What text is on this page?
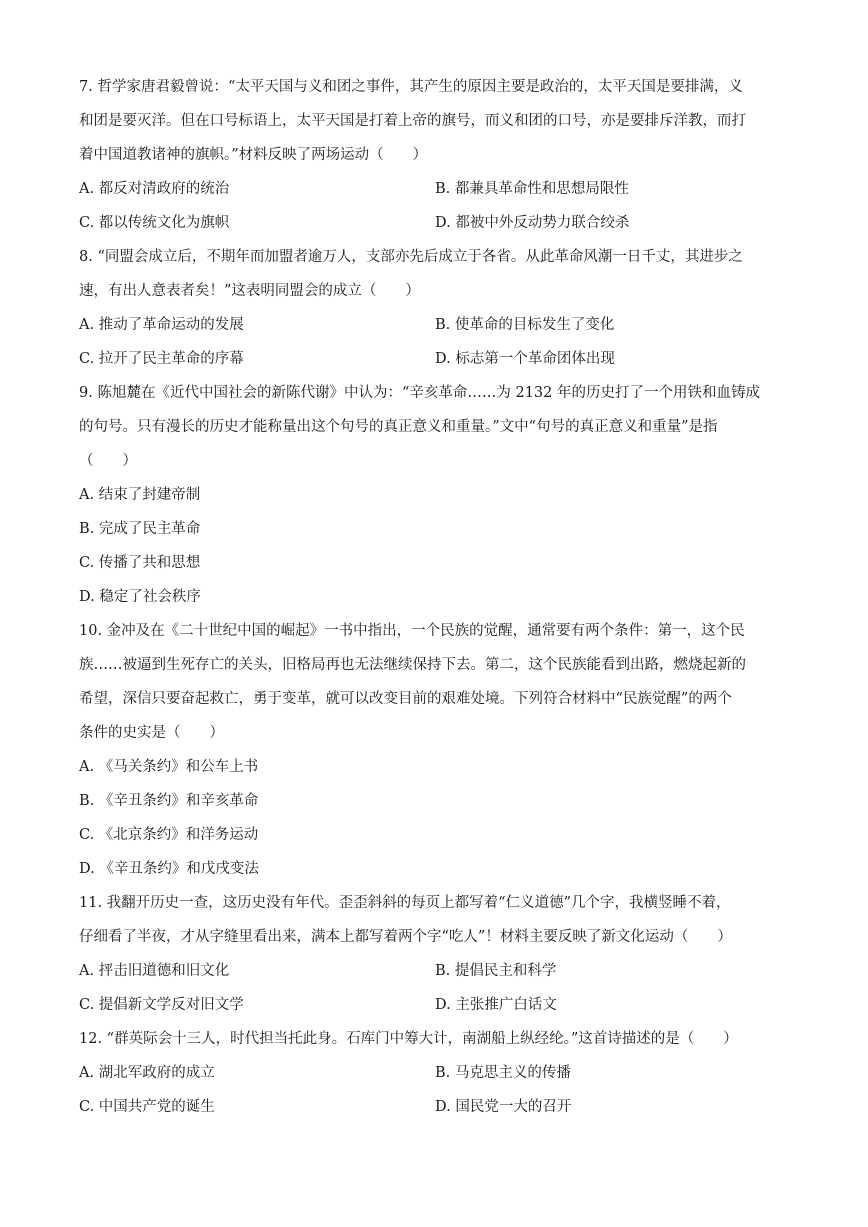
7. 哲学家唐君毅曾说：“太平天国与义和团之事件，其产生的原因主要是政治的，太平天国是要排满，义
和团是要灭洋。但在口号标语上，太平天国是打着上帝的旗号，而义和团的口号，亦是要排斥洋教，而打
着中国道教诸神的旗帜。”材料反映了两场运动（　　）
A. 都反对清政府的统治	B. 都兼具革命性和思想局限性
C. 都以传统文化为旗帜	D. 都被中外反动势力联合绞杀
8. “同盟会成立后，不期年而加盟者逾万人，支部亦先后成立于各省。从此革命风潮一日千丈，其进步之
速，有出人意表者矣！”这表明同盟会的成立（　　）
A. 推动了革命运动的发展	B. 使革命的目标发生了变化
C. 拉开了民主革命的序幕	D. 标志第一个革命团体出现
9. 陈旭麓在《近代中国社会的新陈代谢》中认为：“辛亥革命……为 2132 年的历史打了一个用铁和血铸成
的句号。只有漫长的历史才能称量出这个句号的真正意义和重量。”文中“句号的真正意义和重量”是指
（　　）
A. 结束了封建帝制
B. 完成了民主革命
C. 传播了共和思想
D. 稳定了社会秩序
10. 金冲及在《二十世纪中国的崛起》一书中指出，一个民族的觉醒，通常要有两个条件：第一，这个民
族……被逼到生死存亡的关头，旧格局再也无法继续保持下去。第二，这个民族能看到出路，燃烧起新的
希望，深信只要奋起救亡，勇于变革，就可以改变目前的艰难处境。下列符合材料中“民族觉醒”的两个
条件的史实是（　　）
A. 《马关条约》和公车上书
B. 《辛丑条约》和辛亥革命
C. 《北京条约》和洋务运动
D. 《辛丑条约》和戊戌变法
11. 我翻开历史一查，这历史没有年代。歪歪斜斜的每页上都写着“仁义道德”几个字，我横竖睡不着，
仔细看了半夜，才从字缝里看出来，满本上都写着两个字“吃人”！材料主要反映了新文化运动（　　）
A. 抨击旧道德和旧文化	B. 提倡民主和科学
C. 提倡新文学反对旧文学	D. 主张推广白话文
12. “群英际会十三人，时代担当托此身。石库门中筹大计，南湖船上纵经纶。”这首诗描述的是（　　）
A. 湖北军政府的成立	B. 马克思主义的传播
C. 中国共产党的诞生	D. 国民党一大的召开
